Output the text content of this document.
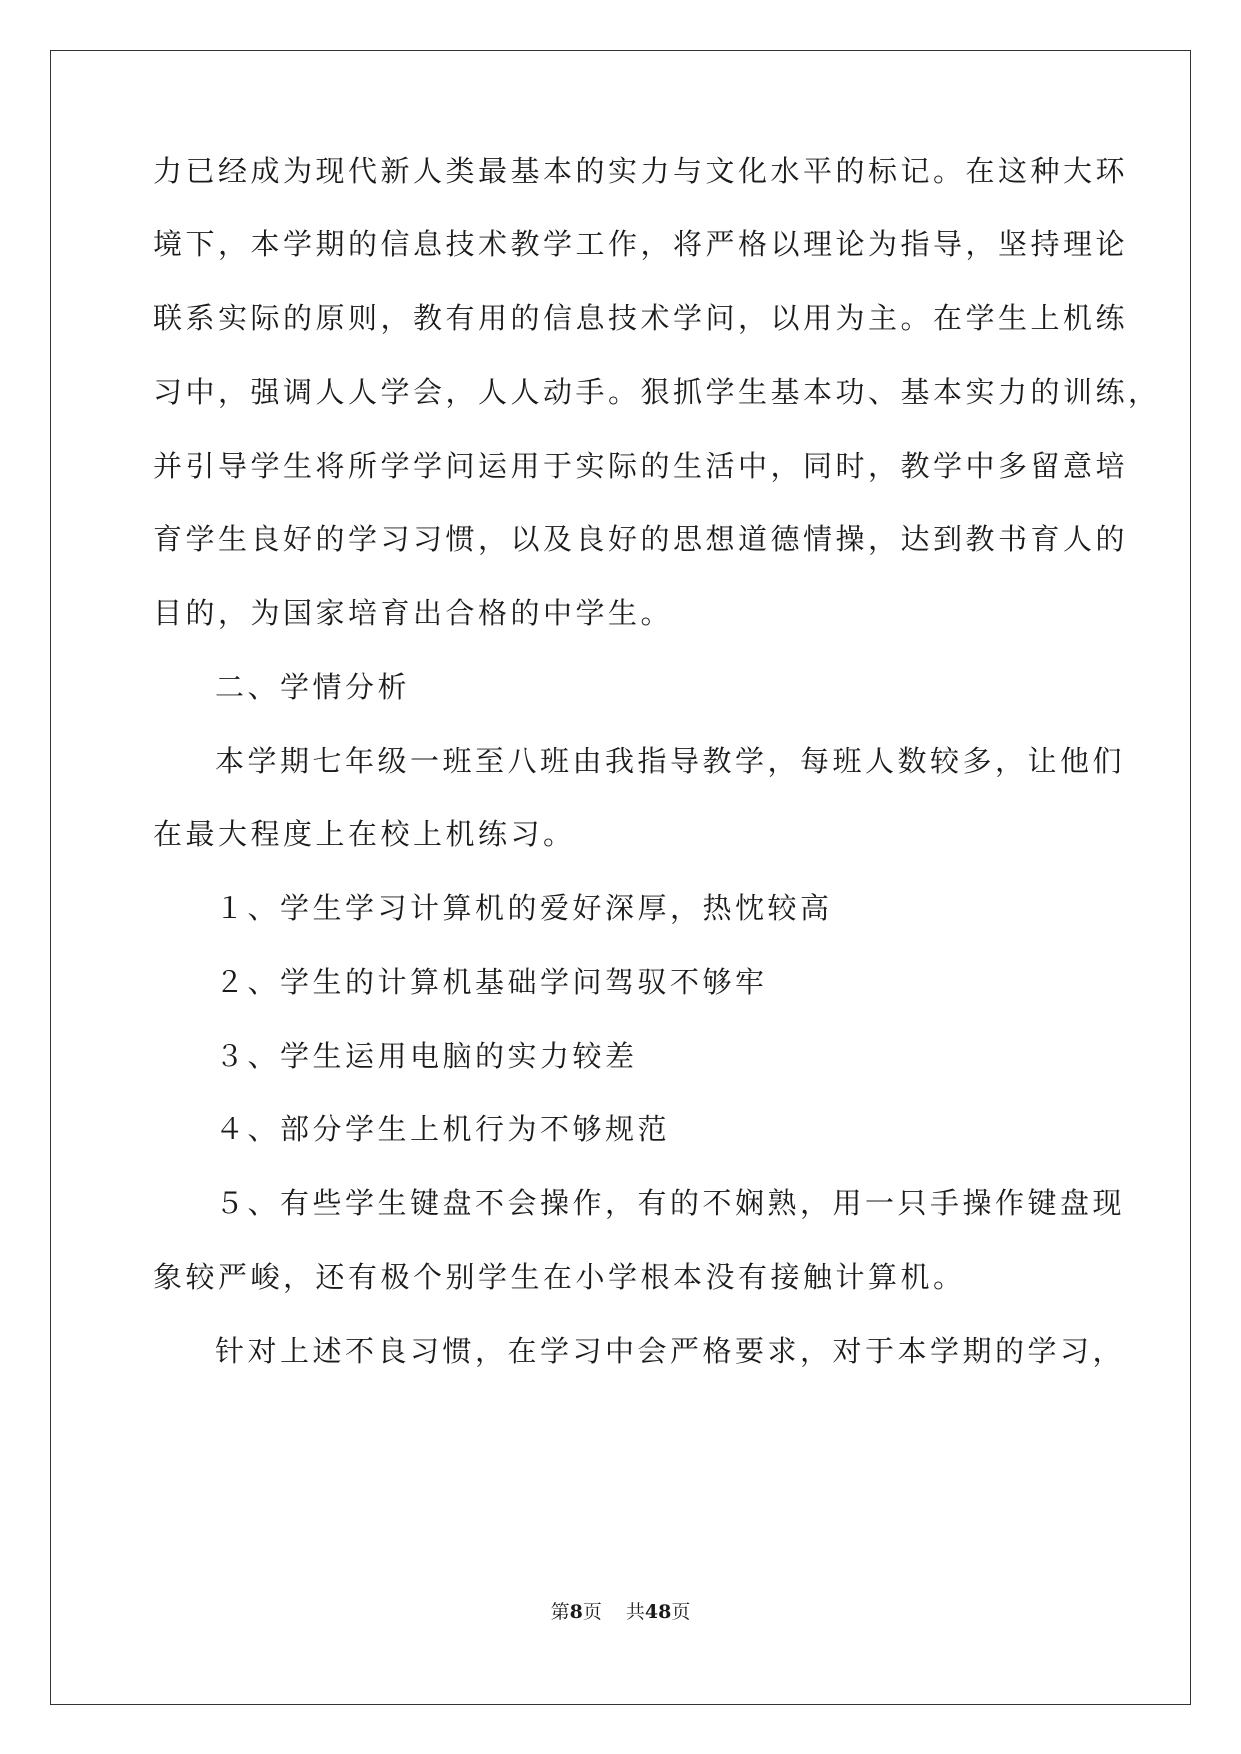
力已经成为现代新人类最基本的实力与文化水平的标记。在这种大环
境下，本学期的信息技术教学工作，将严格以理论为指导，坚持理论
联系实际的原则，教有用的信息技术学问，以用为主。在学生上机练
习中，强调人人学会，人人动手。狠抓学生基本功、基本实力的训练，
并引导学生将所学学问运用于实际的生活中，同时，教学中多留意培
育学生良好的学习习惯，以及良好的思想道德情操，达到教书育人的
目的，为国家培育出合格的中学生。
二、学情分析
本学期七年级一班至八班由我指导教学，每班人数较多，让他们
在最大程度上在校上机练习。
１、学生学习计算机的爱好深厚，热忱较高
２、学生的计算机基础学问驾驭不够牢
３、学生运用电脑的实力较差
４、部分学生上机行为不够规范
５、有些学生键盘不会操作，有的不娴熟，用一只手操作键盘现
象较严峻，还有极个别学生在小学根本没有接触计算机。
针对上述不良习惯，在学习中会严格要求，对于本学期的学习，
第8页 共48页
